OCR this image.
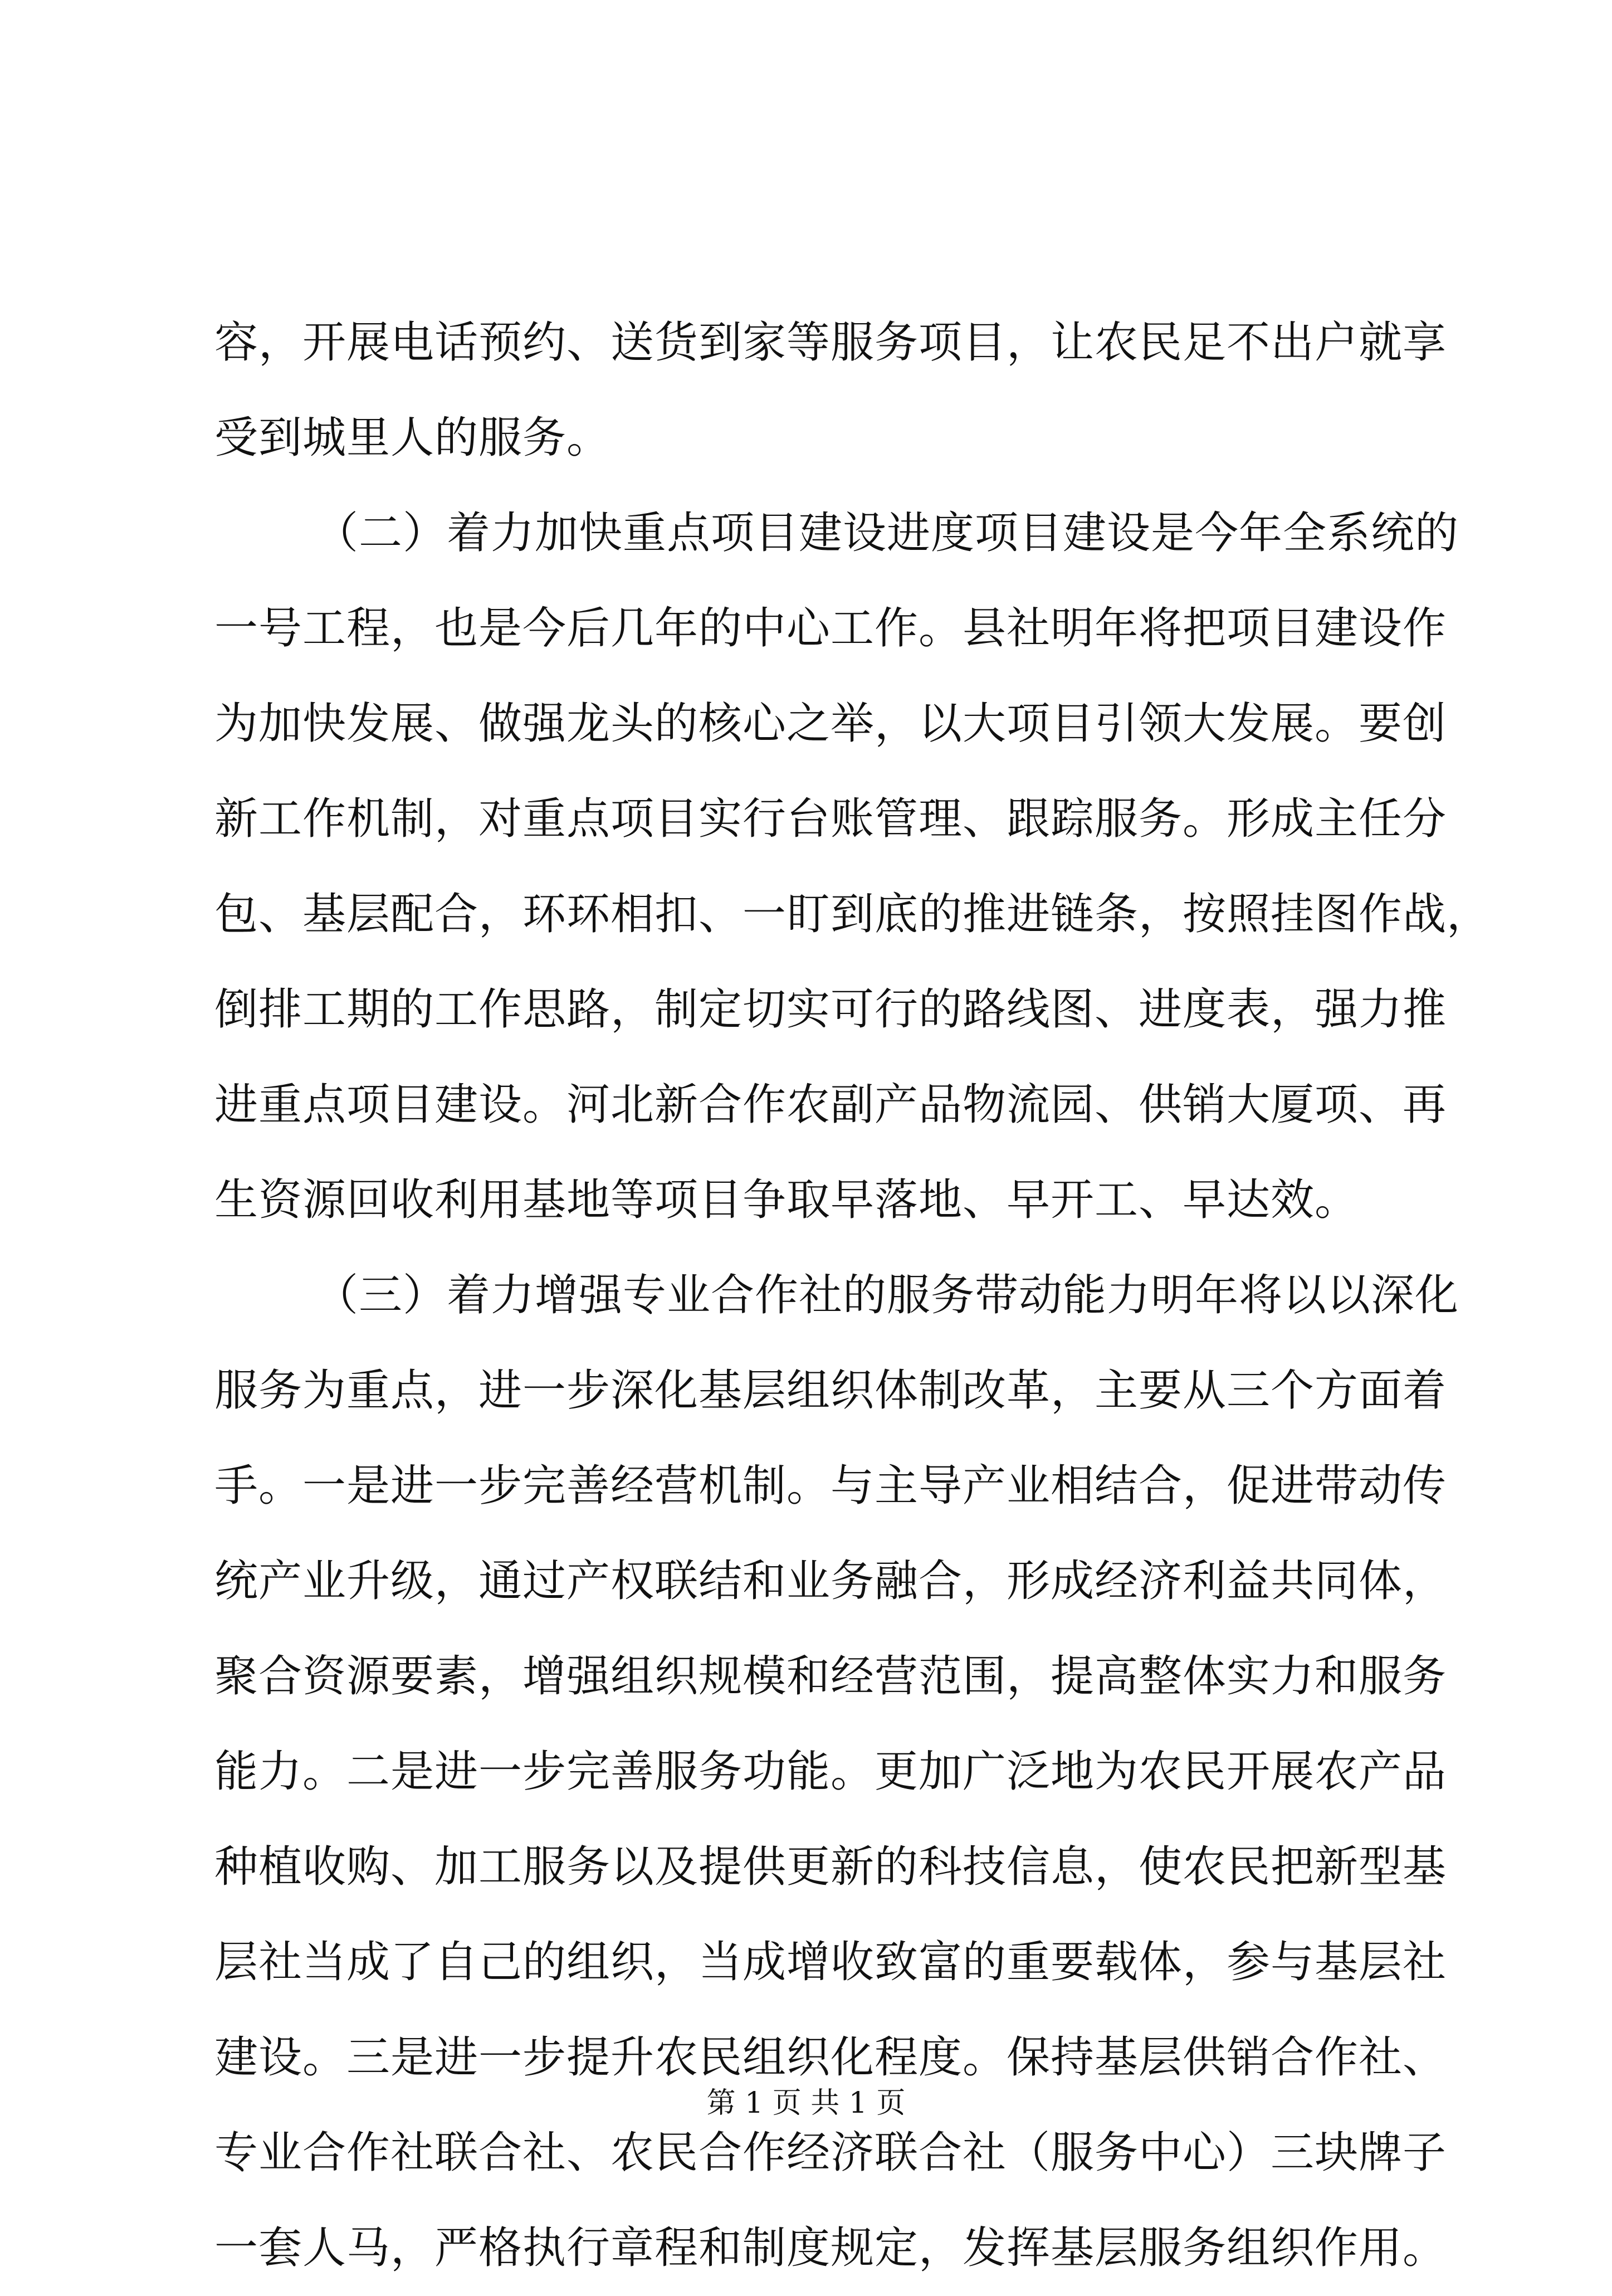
容，开展电话预约、送货到家等服务项目，让农民足不出户就享
受到城里人的服务。
（二）着力加快重点项目建设进度项目建设是今年全系统的
一号工程，也是今后几年的中心工作。县社明年将把项目建设作
为加快发展、做强龙头的核心之举，以大项目引领大发展。要创
新工作机制，对重点项目实行台账管理、跟踪服务。形成主任分
包、基层配合，环环相扣、一盯到底的推进链条，按照挂图作战，
倒排工期的工作思路，制定切实可行的路线图、进度表，强力推
进重点项目建设。河北新合作农副产品物流园、供销大厦项、再
生资源回收利用基地等项目争取早落地、早开工、早达效。
（三）着力增强专业合作社的服务带动能力明年将以以深化
服务为重点，进一步深化基层组织体制改革，主要从三个方面着
手。一是进一步完善经营机制。与主导产业相结合，促进带动传
统产业升级，通过产权联结和业务融合，形成经济利益共同体，
聚合资源要素，增强组织规模和经营范围，提高整体实力和服务
能力。二是进一步完善服务功能。更加广泛地为农民开展农产品
种植收购、加工服务以及提供更新的科技信息，使农民把新型基
层社当成了自己的组织，当成增收致富的重要载体，参与基层社
建设。三是进一步提升农民组织化程度。保持基层供销合作社、
专业合作社联合社、农民合作经济联合社（服务中心）三块牌子
一套人马，严格执行章程和制度规定，发挥基层服务组织作用。
第 1 页 共 1 页
